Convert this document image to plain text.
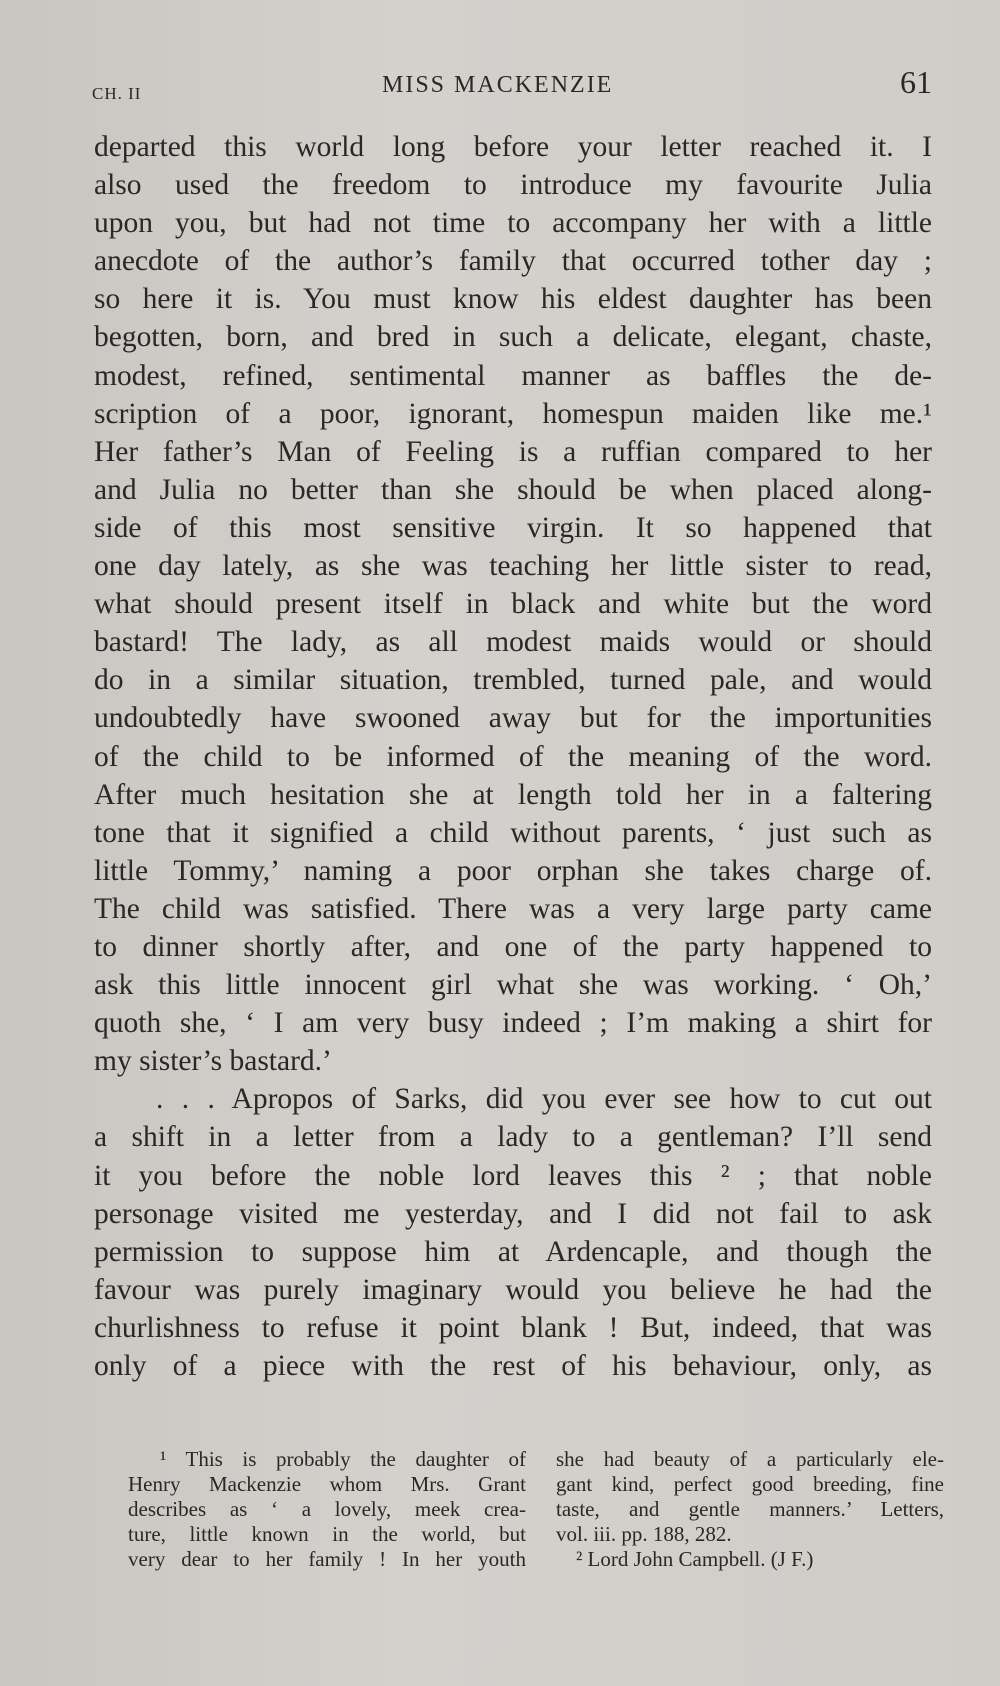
CH. II	MISS MACKENZIE	61
departed this world long before your letter reached it. I
also used the freedom to introduce my favourite Julia
upon you, but had not time to accompany her with a little
anecdote of the author’s family that occurred tother day ;
so here it is. You must know his eldest daughter has been
begotten, born, and bred in such a delicate, elegant, chaste,
modest, refined, sentimental manner as baffles the de-
scription of a poor, ignorant, homespun maiden like me.¹
Her father’s Man of Feeling is a ruffian compared to her
and Julia no better than she should be when placed along-
side of this most sensitive virgin. It so happened that
one day lately, as she was teaching her little sister to read,
what should present itself in black and white but the word
bastard! The lady, as all modest maids would or should
do in a similar situation, trembled, turned pale, and would
undoubtedly have swooned away but for the importunities
of the child to be informed of the meaning of the word.
After much hesitation she at length told her in a faltering
tone that it signified a child without parents, ‘ just such as
little Tommy,’ naming a poor orphan she takes charge of.
The child was satisfied. There was a very large party came
to dinner shortly after, and one of the party happened to
ask this little innocent girl what she was working. ‘ Oh,’
quoth she, ‘ I am very busy indeed ; I’m making a shirt for
my sister’s bastard.’
. . . Apropos of Sarks, did you ever see how to cut out
a shift in a letter from a lady to a gentleman? I’ll send
it you before the noble lord leaves this ² ; that noble
personage visited me yesterday, and I did not fail to ask
permission to suppose him at Ardencaple, and though the
favour was purely imaginary would you believe he had the
churlishness to refuse it point blank ! But, indeed, that was
only of a piece with the rest of his behaviour, only, as
¹ This is probably the daughter of
Henry Mackenzie whom Mrs. Grant
describes as ‘ a lovely, meek crea-
ture, little known in the world, but
very dear to her family ! In her youth
she had beauty of a particularly ele-
gant kind, perfect good breeding, fine
taste, and gentle manners.’ Letters,
vol. iii. pp. 188, 282.
² Lord John Campbell. (J F.)
